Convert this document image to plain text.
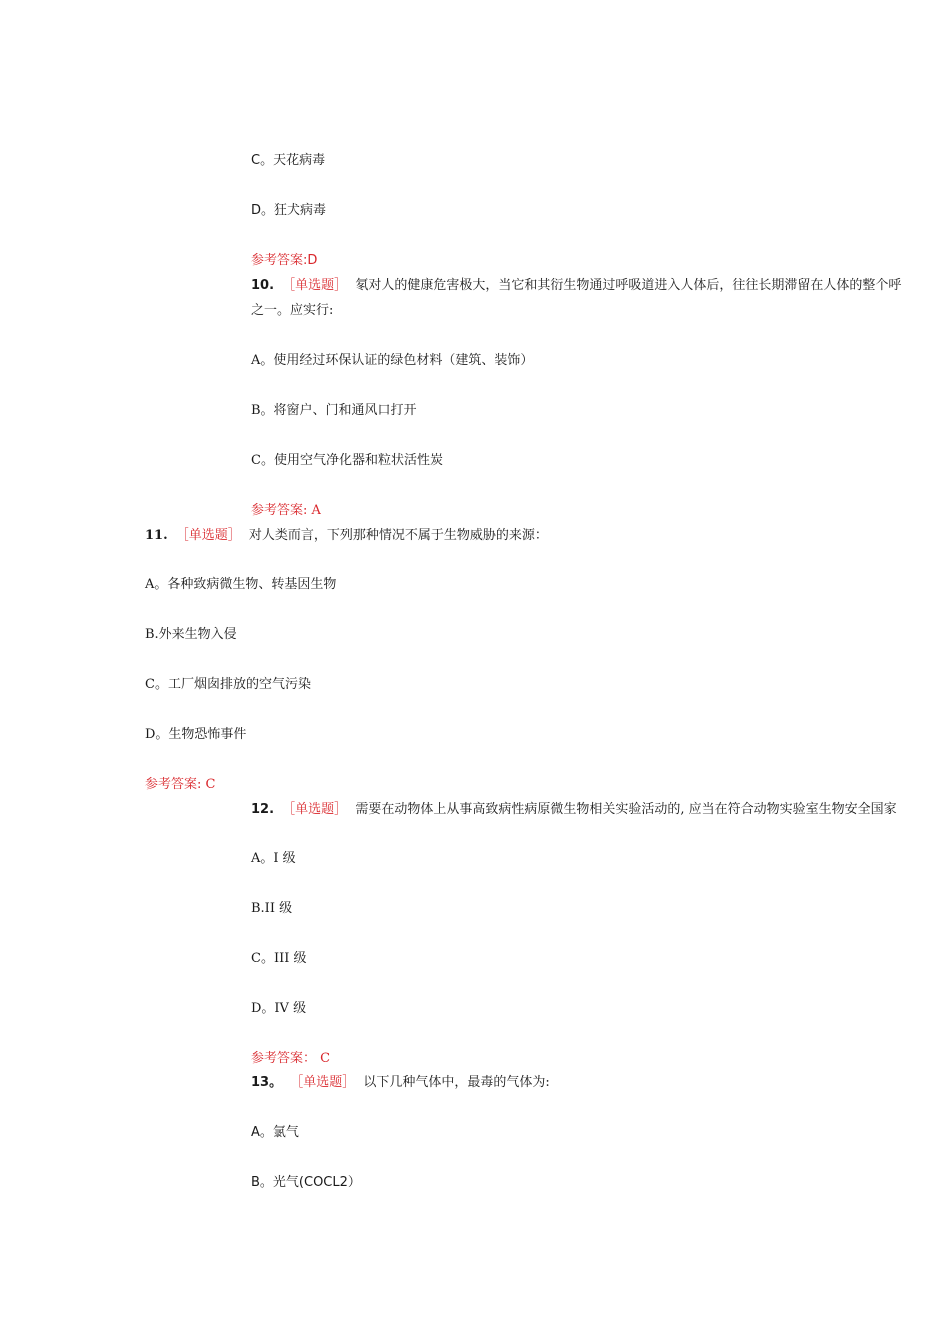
C。天花病毒
D。狂犬病毒
参考答案:D
10. ［单选题］ 氡对人的健康危害极大，当它和其衍生物通过呼吸道进入人体后，往往长期滞留在人体的整个呼
之一。应实行:
A。使用经过环保认证的绿色材料（建筑、装饰）
B。将窗户、门和通风口打开
C。使用空气净化器和粒状活性炭
参考答案: A
11. ［单选题］ 对人类而言，下列那种情况不属于生物威胁的来源：
A。各种致病微生物、转基因生物
B.外来生物入侵
C。工厂烟囱排放的空气污染
D。生物恐怖事件
参考答案: C
12. ［单选题］ 需要在动物体上从事高致病性病原微生物相关实验活动的, 应当在符合动物实验室生物安全国家
A。I 级
B.II 级
C。III 级
D。IV 级
参考答案： C
13。 ［单选题］ 以下几种气体中，最毒的气体为:
A。氯气
B。光气(COCL2）
